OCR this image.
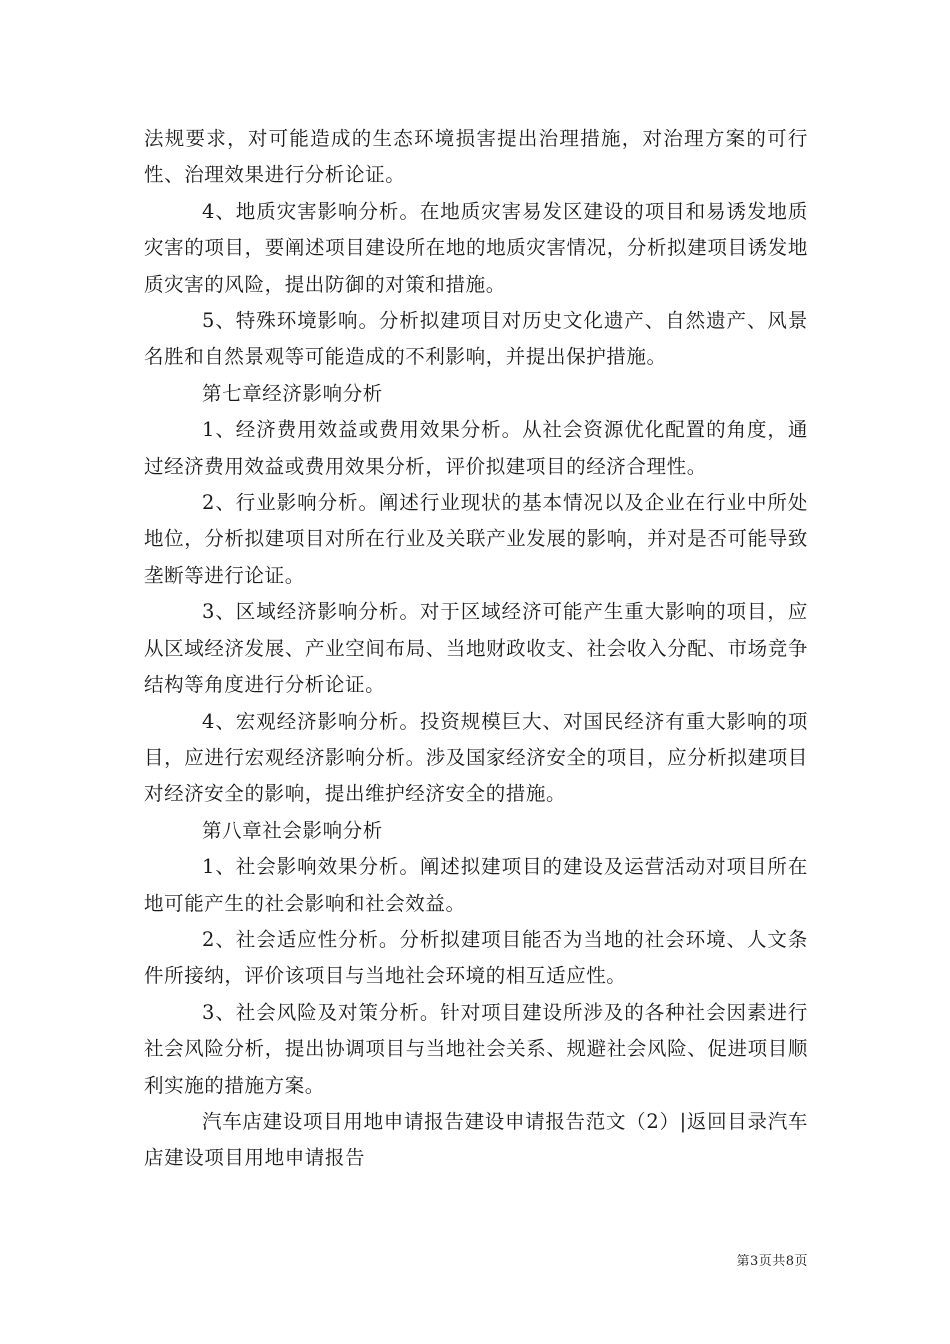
法规要求，对可能造成的生态环境损害提出治理措施，对治理方案的可行性、治理效果进行分析论证。

4、地质灾害影响分析。在地质灾害易发区建设的项目和易诱发地质灾害的项目，要阐述项目建设所在地的地质灾害情况，分析拟建项目诱发地质灾害的风险，提出防御的对策和措施。

5、特殊环境影响。分析拟建项目对历史文化遗产、自然遗产、风景名胜和自然景观等可能造成的不利影响，并提出保护措施。

第七章经济影响分析

1、经济费用效益或费用效果分析。从社会资源优化配置的角度，通过经济费用效益或费用效果分析，评价拟建项目的经济合理性。

2、行业影响分析。阐述行业现状的基本情况以及企业在行业中所处地位，分析拟建项目对所在行业及关联产业发展的影响，并对是否可能导致垄断等进行论证。

3、区域经济影响分析。对于区域经济可能产生重大影响的项目，应从区域经济发展、产业空间布局、当地财政收支、社会收入分配、市场竞争结构等角度进行分析论证。

4、宏观经济影响分析。投资规模巨大、对国民经济有重大影响的项目，应进行宏观经济影响分析。涉及国家经济安全的项目，应分析拟建项目对经济安全的影响，提出维护经济安全的措施。

第八章社会影响分析

1、社会影响效果分析。阐述拟建项目的建设及运营活动对项目所在地可能产生的社会影响和社会效益。

2、社会适应性分析。分析拟建项目能否为当地的社会环境、人文条件所接纳，评价该项目与当地社会环境的相互适应性。

3、社会风险及对策分析。针对项目建设所涉及的各种社会因素进行社会风险分析，提出协调项目与当地社会关系、规避社会风险、促进项目顺利实施的措施方案。

汽车店建设项目用地申请报告建设申请报告范文（2）|返回目录汽车店建设项目用地申请报告

第3页共8页
